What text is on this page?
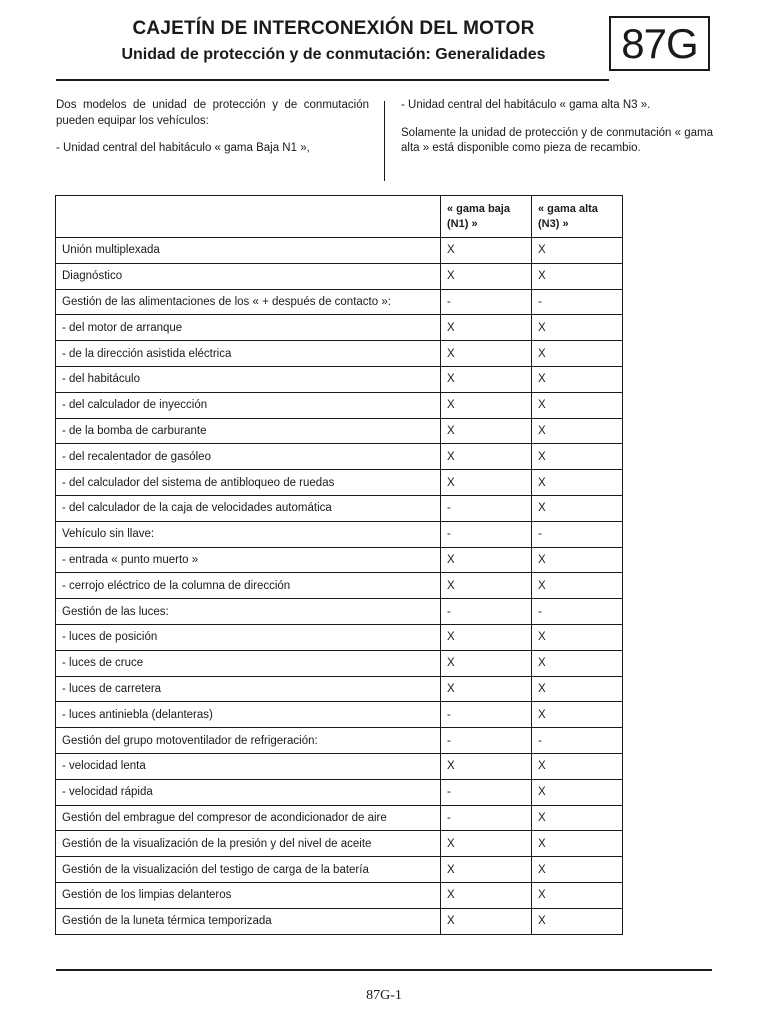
CAJETÍN DE INTERCONEXIÓN DEL MOTOR
Unidad de protección y de conmutación: Generalidades	87G

Dos modelos de unidad de protección y de conmutación pueden equipar los vehículos:

- Unidad central del habitáculo « gama Baja N1 »,

- Unidad central del habitáculo « gama alta N3 ».

Solamente la unidad de protección y de conmutación « gama alta » está disponible como pieza de recambio.

	« gama baja (N1) »	« gama alta (N3) »
Unión multiplexada	X	X
Diagnóstico	X	X
Gestión de las alimentaciones de los « + después de contacto »:	-	-
- del motor de arranque	X	X
- de la dirección asistida eléctrica	X	X
- del habitáculo	X	X
- del calculador de inyección	X	X
- de la bomba de carburante	X	X
- del recalentador de gasóleo	X	X
- del calculador del sistema de antibloqueo de ruedas	X	X
- del calculador de la caja de velocidades automática	-	X
Vehículo sin llave:	-	-
- entrada « punto muerto »	X	X
- cerrojo eléctrico de la columna de dirección	X	X
Gestión de las luces:	-	-
- luces de posición	X	X
- luces de cruce	X	X
- luces de carretera	X	X
- luces antiniebla (delanteras)	-	X
Gestión del grupo motoventilador de refrigeración:	-	-
- velocidad lenta	X	X
- velocidad rápida	-	X
Gestión del embrague del compresor de acondicionador de aire	-	X
Gestión de la visualización de la presión y del nivel de aceite	X	X
Gestión de la visualización del testigo de carga de la batería	X	X
Gestión de los limpias delanteros	X	X
Gestión de la luneta térmica temporizada	X	X
87G-1
